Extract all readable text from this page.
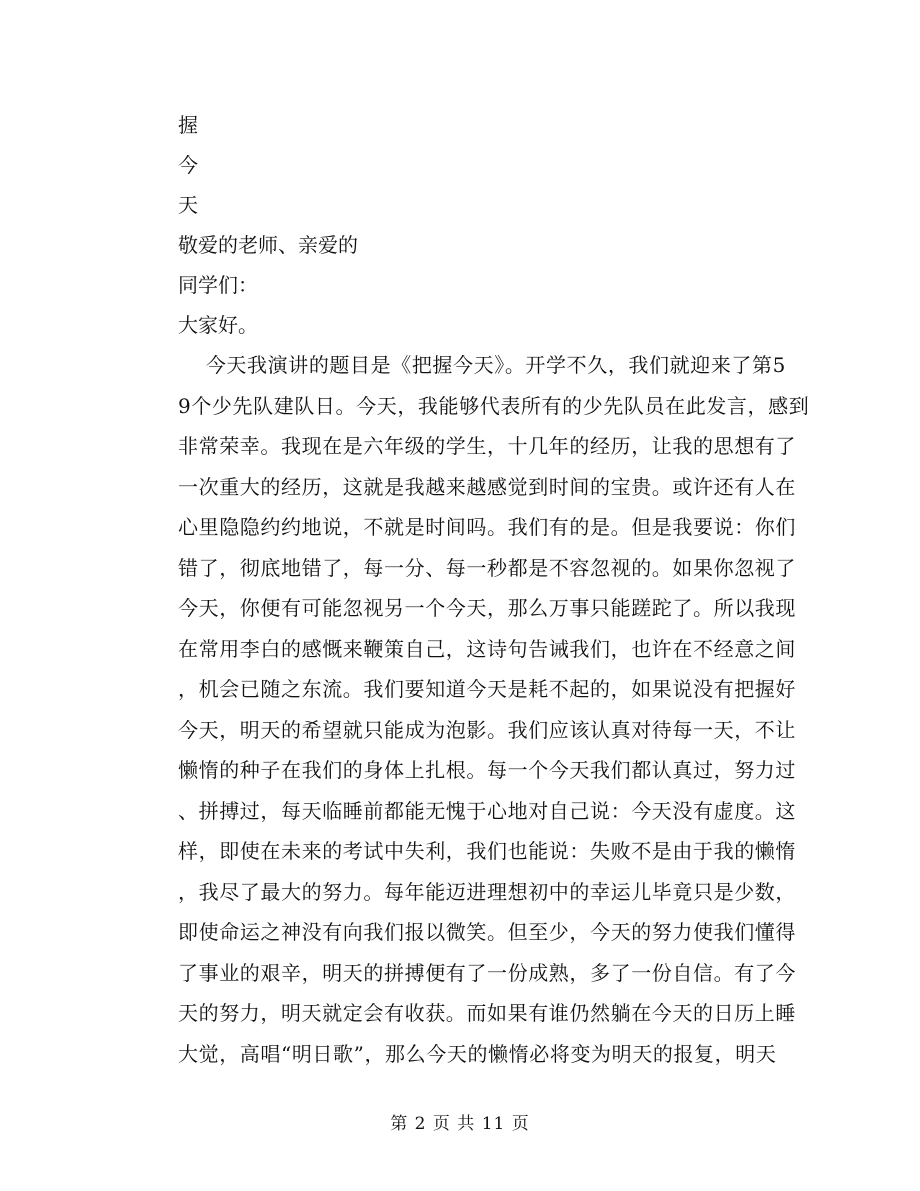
握
今
天
敬爱的老师、亲爱的
同学们：
大家好。
今天我演讲的题目是《把握今天》。开学不久，我们就迎来了第5
9个少先队建队日。今天，我能够代表所有的少先队员在此发言，感到
非常荣幸。我现在是六年级的学生，十几年的经历，让我的思想有了
一次重大的经历，这就是我越来越感觉到时间的宝贵。或许还有人在
心里隐隐约约地说，不就是时间吗。我们有的是。但是我要说：你们
错了，彻底地错了，每一分、每一秒都是不容忽视的。如果你忽视了
今天，你便有可能忽视另一个今天，那么万事只能蹉跎了。所以我现
在常用李白的感慨来鞭策自己，这诗句告诫我们，也许在不经意之间
，机会已随之东流。我们要知道今天是耗不起的，如果说没有把握好
今天，明天的希望就只能成为泡影。我们应该认真对待每一天，不让
懒惰的种子在我们的身体上扎根。每一个今天我们都认真过，努力过
、拼搏过，每天临睡前都能无愧于心地对自己说：今天没有虚度。这
样，即使在未来的考试中失利，我们也能说：失败不是由于我的懒惰
，我尽了最大的努力。每年能迈进理想初中的幸运儿毕竟只是少数，
即使命运之神没有向我们报以微笑。但至少，今天的努力使我们懂得
了事业的艰辛，明天的拼搏便有了一份成熟，多了一份自信。有了今
天的努力，明天就定会有收获。而如果有谁仍然躺在今天的日历上睡
大觉，高唱“明日歌”，那么今天的懒惰必将变为明天的报复，明天
第 2 页 共 11 页
